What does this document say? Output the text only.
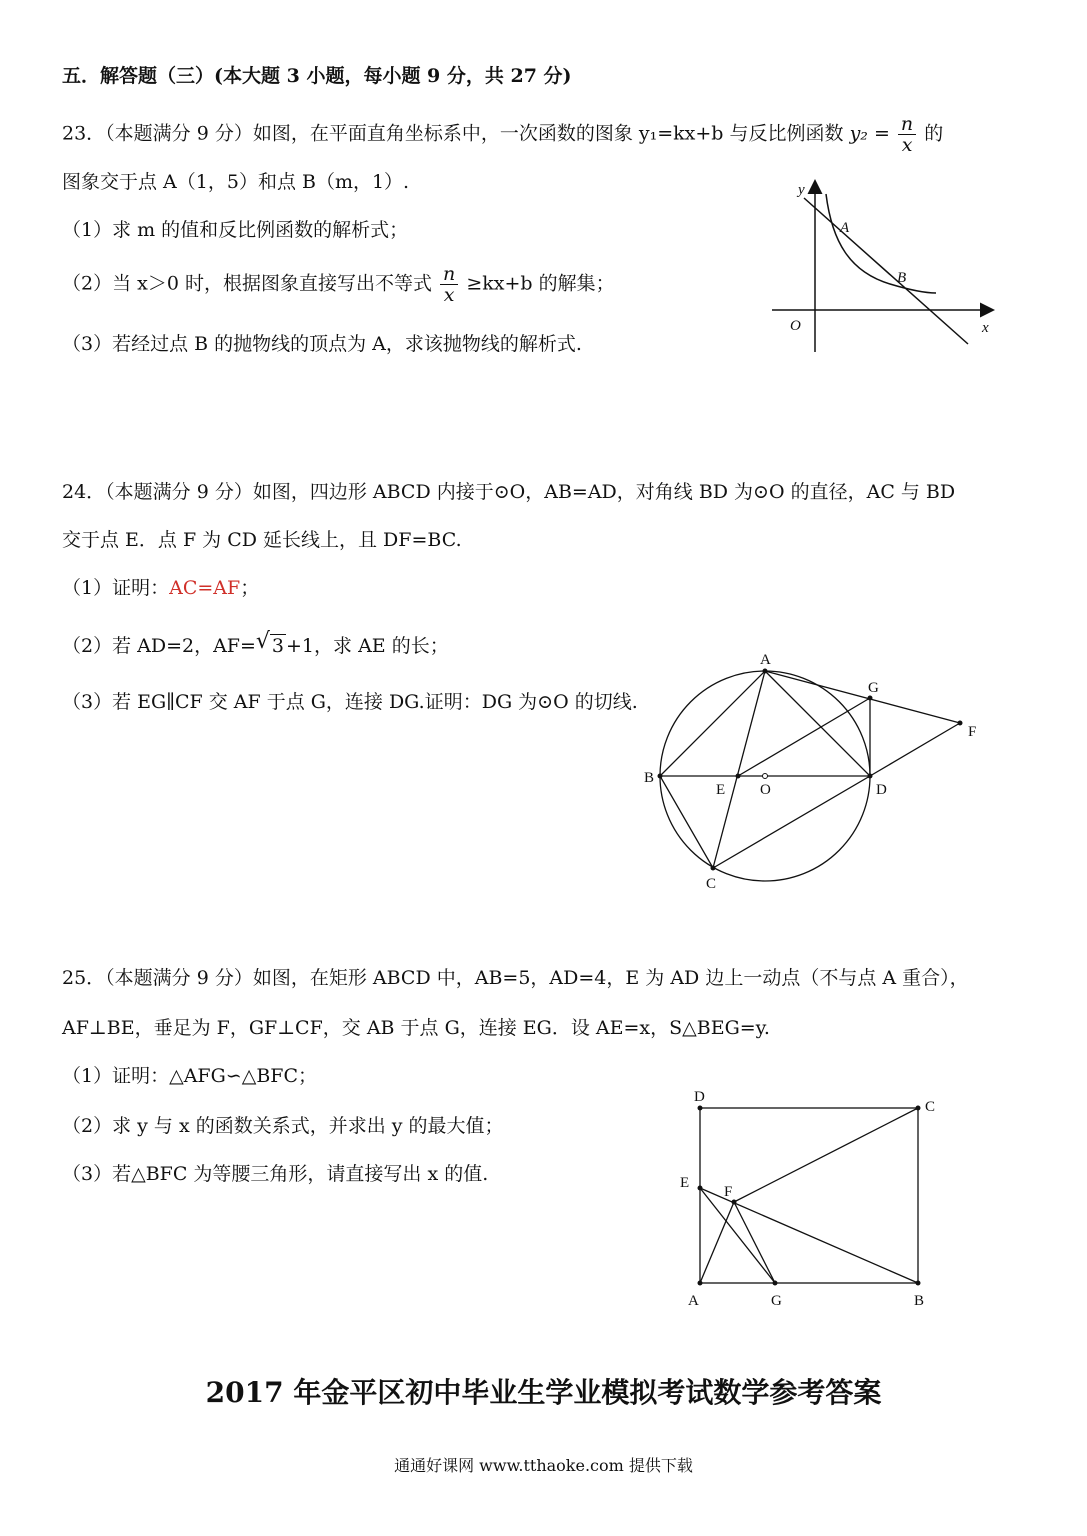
五．解答题（三）(本大题 3 小题，每小题 9 分，共 27 分)
23．（本题满分 9 分）如图，在平面直角坐标系中，一次函数的图象 y₁=kx+b 与反比例函数 $y_2 = \frac{n}{x}$ 的
图象交于点 A（1，5）和点 B（m，1）.
（1）求 m 的值和反比例函数的解析式；
（2）当 x＞0 时，根据图象直接写出不等式 $\frac{n}{x} \ge kx+b$ 的解集；
（3）若经过点 B 的抛物线的顶点为 A，求该抛物线的解析式.
y
x
O
A
B
24．（本题满分 9 分）如图，四边形 ABCD 内接于⊙O，AB=AD，对角线 BD 为⊙O 的直径，AC 与 BD
交于点 E．点 F 为 CD 延长线上，且 DF=BC.
（1）证明：AC=AF；
（2）若 AD=2，AF= √ 3 +1，求 AE 的长；
（3）若 EG∥CF 交 AF 于点 G，连接 DG.证明：DG 为⊙O 的切线.
A
B
C
D
E O
F
G
25．（本题满分 9 分）如图，在矩形 ABCD 中，AB=5，AD=4，E 为 AD 边上一动点（不与点 A 重合），
AF⊥BE，垂足为 F，GF⊥CF，交 AB 于点 G，连接 EG．设 AE=x，S△BEG=y.
（1）证明：△AFG∽△BFC；
（2）求 y 与 x 的函数关系式，并求出 y 的最大值；
（3）若△BFC 为等腰三角形，请直接写出 x 的值.
D
C
A	B
E
F
G
2017 年金平区初中毕业生学业模拟考试数学参考答案
通通好课网 www.tthaoke.com 提供下载
